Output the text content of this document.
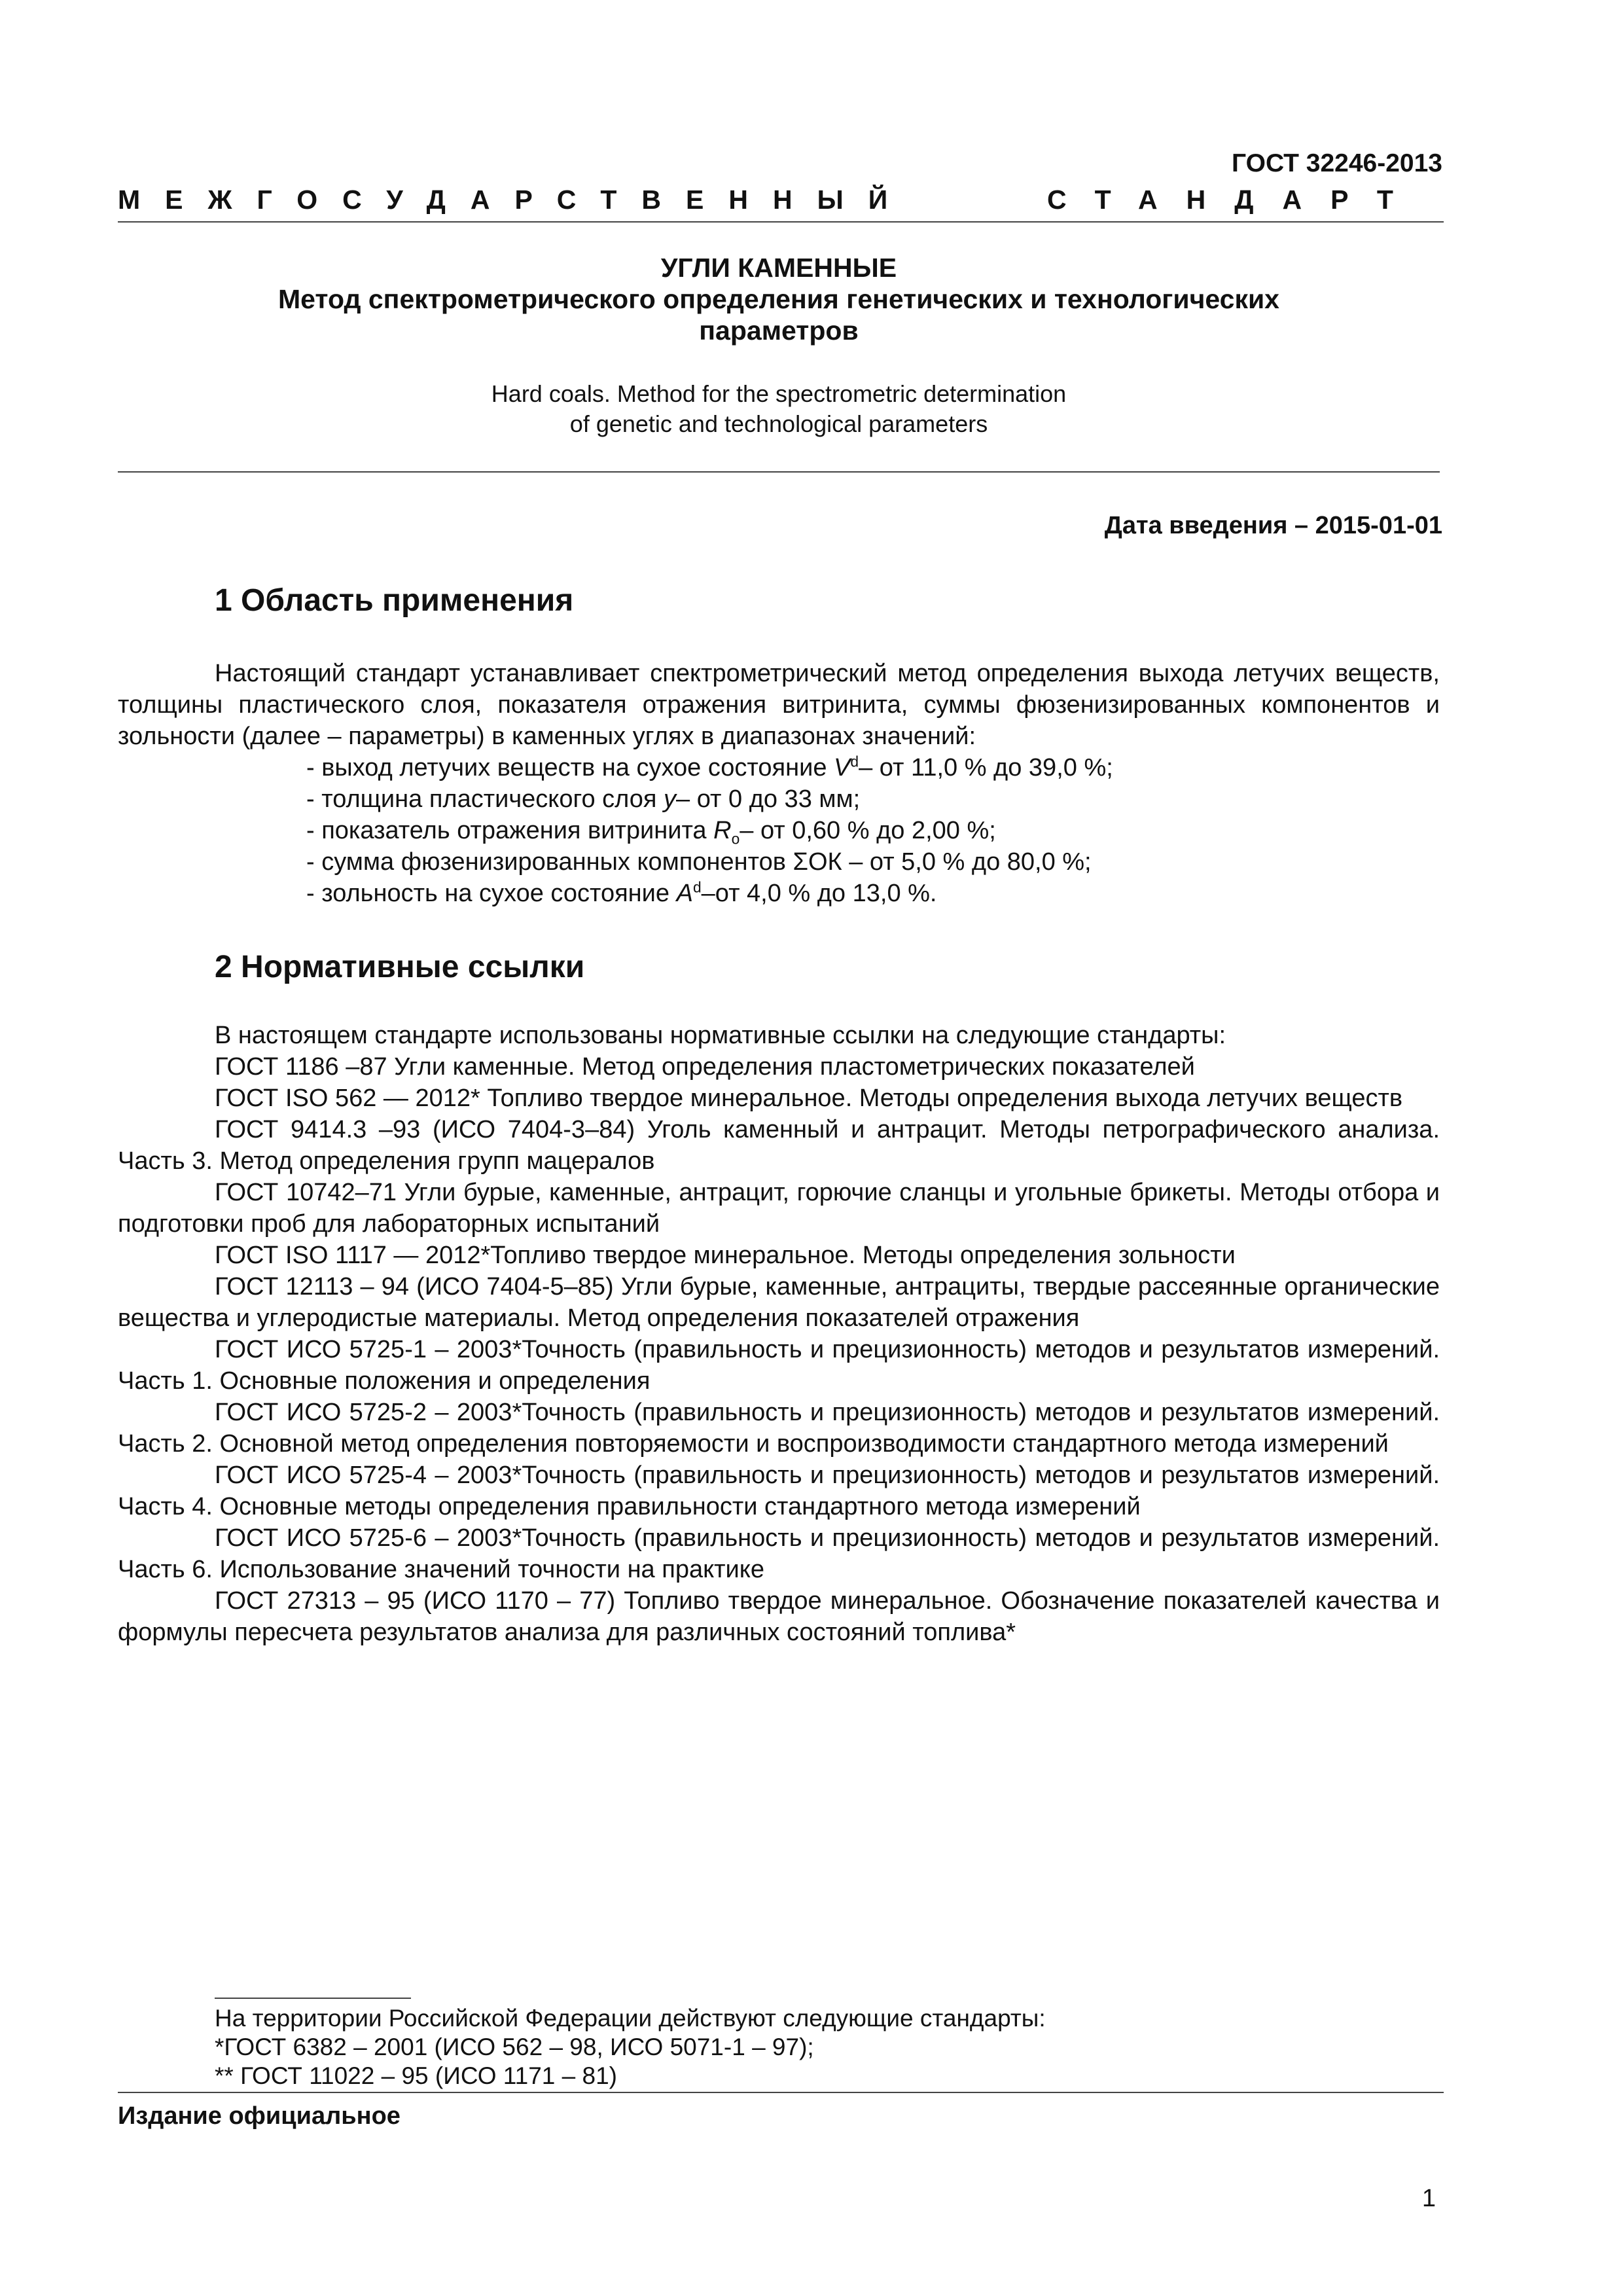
ГОСТ 32246-2013
МЕЖГОСУДАРСТВЕННЫЙ	СТАНДАРТ
УГЛИ КАМЕННЫЕ
Метод спектрометрического определения генетических и технологических
параметров
Hard coals. Method for the spectrometric determination
of genetic and technological parameters
Дата введения – 2015-01-01
1 Область применения

Настоящий стандарт устанавливает спектрометрический метод определения выхода летучих веществ, толщины пластического слоя, показателя отражения витринита, суммы фюзенизированных компонентов и зольности (далее – параметры) в каменных углях в диапазонах значений:

- выход летучих веществ на сухое состояние $V^d-$ от 11,0 % до 39,0 %;

- толщина пластического слоя y– от 0 до 33 мм;

- показатель отражения витринита $R_o-$ от 0,60 % до 2,00 %;

- сумма фюзенизированных компонентов ΣОК – от 5,0 % до 80,0 %;

- зольность на сухое состояние $A^d-от$ 4,0 % до 13,0 %.

2 Нормативные ссылки

В настоящем стандарте использованы нормативные ссылки на следующие стандарты:

ГОСТ 1186 –87 Угли каменные. Метод определения пластометрических показателей

ГОСТ ISO 562 — 2012* Топливо твердое минеральное. Методы определения выхода летучих веществ

ГОСТ 9414.3 –93 (ИСО 7404-3–84) Уголь каменный и антрацит. Методы петрографического анализа. Часть 3. Метод определения групп мацералов

ГОСТ 10742–71 Угли бурые, каменные, антрацит, горючие сланцы и угольные брикеты. Методы отбора и подготовки проб для лабораторных испытаний

ГОСТ ISO 1117 — 2012*Топливо твердое минеральное. Методы определения зольности

ГОСТ 12113 – 94 (ИСО 7404-5–85) Угли бурые, каменные, антрациты, твердые рассеянные органические вещества и углеродистые материалы. Метод определения показателей отражения

ГОСТ ИСО 5725-1 – 2003*Точность (правильность и прецизионность) методов и результатов измерений. Часть 1. Основные положения и определения

ГОСТ ИСО 5725-2 – 2003*Точность (правильность и прецизионность) методов и результатов измерений. Часть 2. Основной метод определения повторяемости и воспроизводимости стандартного метода измерений

ГОСТ ИСО 5725-4 – 2003*Точность (правильность и прецизионность) методов и результатов измерений. Часть 4. Основные методы определения правильности стандартного метода измерений

ГОСТ ИСО 5725-6 – 2003*Точность (правильность и прецизионность) методов и результатов измерений. Часть 6. Использование значений точности на практике

ГОСТ 27313 – 95 (ИСО 1170 – 77) Топливо твердое минеральное. Обозначение показателей качества и формулы пересчета результатов анализа для различных состояний топлива*

На территории Российской Федерации действуют следующие стандарты:
*ГОСТ 6382 – 2001 (ИСО 562 – 98, ИСО 5071-1 – 97);
** ГОСТ 11022 – 95 (ИСО 1171 – 81)
Издание официальное
1
